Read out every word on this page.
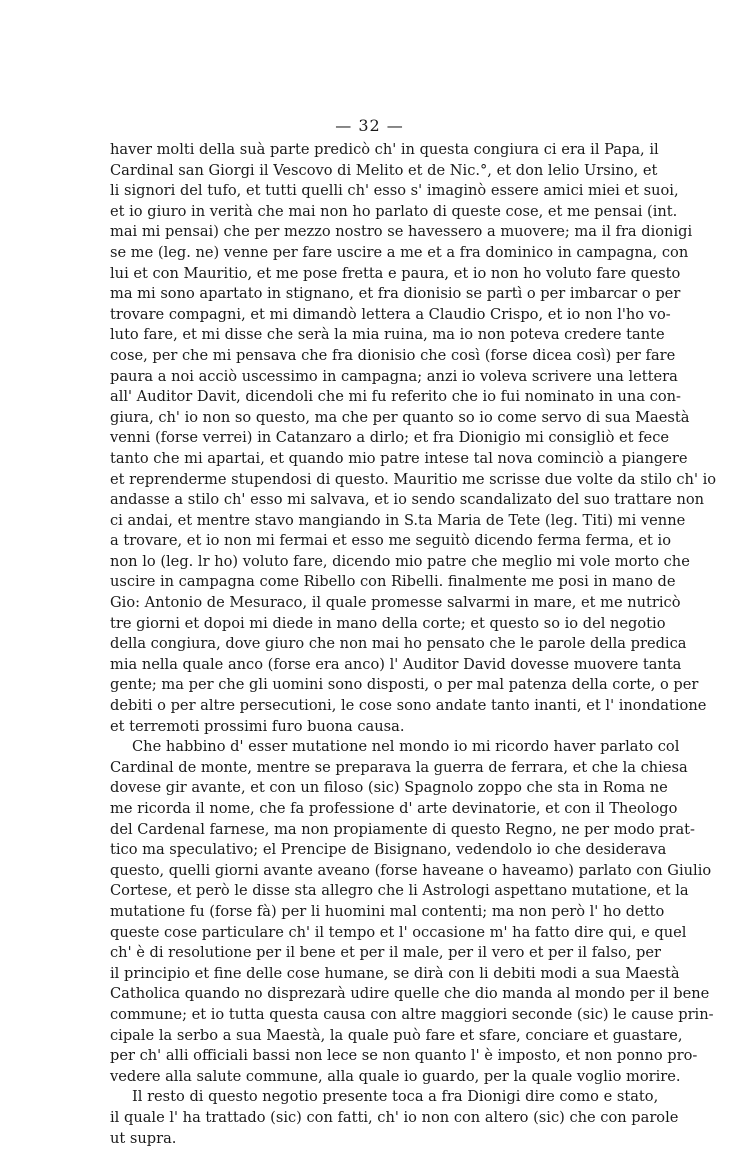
— 32 —
haver molti della suà parte predicò ch' in questa congiura ci era il Papa, il
Cardinal san Giorgi il Vescovo di Melito et de Nic.°, et don lelio Ursino, et
li signori del tufo, et tutti quelli ch' esso s' imaginò essere amici miei et suoi,
et io giuro in verità che mai non ho parlato di queste cose, et me pensai (int.
mai mi pensai) che per mezzo nostro se havessero a muovere; ma il fra dionigi
se me (leg. ne) venne per fare uscire a me et a fra dominico in campagna, con
lui et con Mauritio, et me pose fretta e paura, et io non ho voluto fare questo
ma mi sono apartato in stignano, et fra dionisio se partì o per imbarcar o per
trovare compagni, et mi dimandò lettera a Claudio Crispo, et io non l'ho vo-
luto fare, et mi disse che serà la mia ruina, ma io non poteva credere tante
cose, per che mi pensava che fra dionisio che così (forse dicea così) per fare
paura a noi acciò uscessimo in campagna; anzi io voleva scrivere una lettera
all' Auditor Davit, dicendoli che mi fu referito che io fui nominato in una con-
giura, ch' io non so questo, ma che per quanto so io come servo di sua Maestà
venni (forse verrei) in Catanzaro a dirlo; et fra Dionigio mi consigliò et fece
tanto che mi apartai, et quando mio patre intese tal nova cominciò a piangere
et reprenderme stupendosi di questo. Mauritio me scrisse due volte da stilo ch' io
andasse a stilo ch' esso mi salvava, et io sendo scandalizato del suo trattare non
ci andai, et mentre stavo mangiando in S.ta Maria de Tete (leg. Titi) mi venne
a trovare, et io non mi fermai et esso me seguitò dicendo ferma ferma, et io
non lo (leg. lr ho) voluto fare, dicendo mio patre che meglio mi vole morto che
uscire in campagna come Ribello con Ribelli. finalmente me posi in mano de
Gio: Antonio de Mesuraco, il quale promesse salvarmi in mare, et me nutricò
tre giorni et dopoi mi diede in mano della corte; et questo so io del negotio
della congiura, dove giuro che non mai ho pensato che le parole della predica
mia nella quale anco (forse era anco) l' Auditor David dovesse muovere tanta
gente; ma per che gli uomini sono disposti, o per mal patenza della corte, o per
debiti o per altre persecutioni, le cose sono andate tanto inanti, et l' inondatione
et terremoti prossimi furo buona causa.
Che habbino d' esser mutatione nel mondo io mi ricordo haver parlato col
Cardinal de monte, mentre se preparava la guerra de ferrara, et che la chiesa
dovese gir avante, et con un filoso (sic) Spagnolo zoppo che sta in Roma ne
me ricorda il nome, che fa professione d' arte devinatorie, et con il Theologo
del Cardenal farnese, ma non propiamente di questo Regno, ne per modo prat-
tico ma speculativo; el Prencipe de Bisignano, vedendolo io che desiderava
questo, quelli giorni avante aveano (forse haveane o haveamo) parlato con Giulio
Cortese, et però le disse sta allegro che li Astrologi aspettano mutatione, et la
mutatione fu (forse fà) per li huomini mal contenti; ma non però l' ho detto
queste cose particulare ch' il tempo et l' occasione m' ha fatto dire qui, e quel
ch' è di resolutione per il bene et per il male, per il vero et per il falso, per
il principio et fine delle cose humane, se dirà con li debiti modi a sua Maestà
Catholica quando no disprezarà udire quelle che dio manda al mondo per il bene
commune; et io tutta questa causa con altre maggiori seconde (sic) le cause prin-
cipale la serbo a sua Maestà, la quale può fare et sfare, conciare et guastare,
per ch' alli officiali bassi non lece se non quanto l' è imposto, et non ponno pro-
vedere alla salute commune, alla quale io guardo, per la quale voglio morire.
Il resto di questo negotio presente toca a fra Dionigi dire como e stato,
il quale l' ha trattado (sic) con fatti, ch' io non con altero (sic) che con parole
ut supra.
